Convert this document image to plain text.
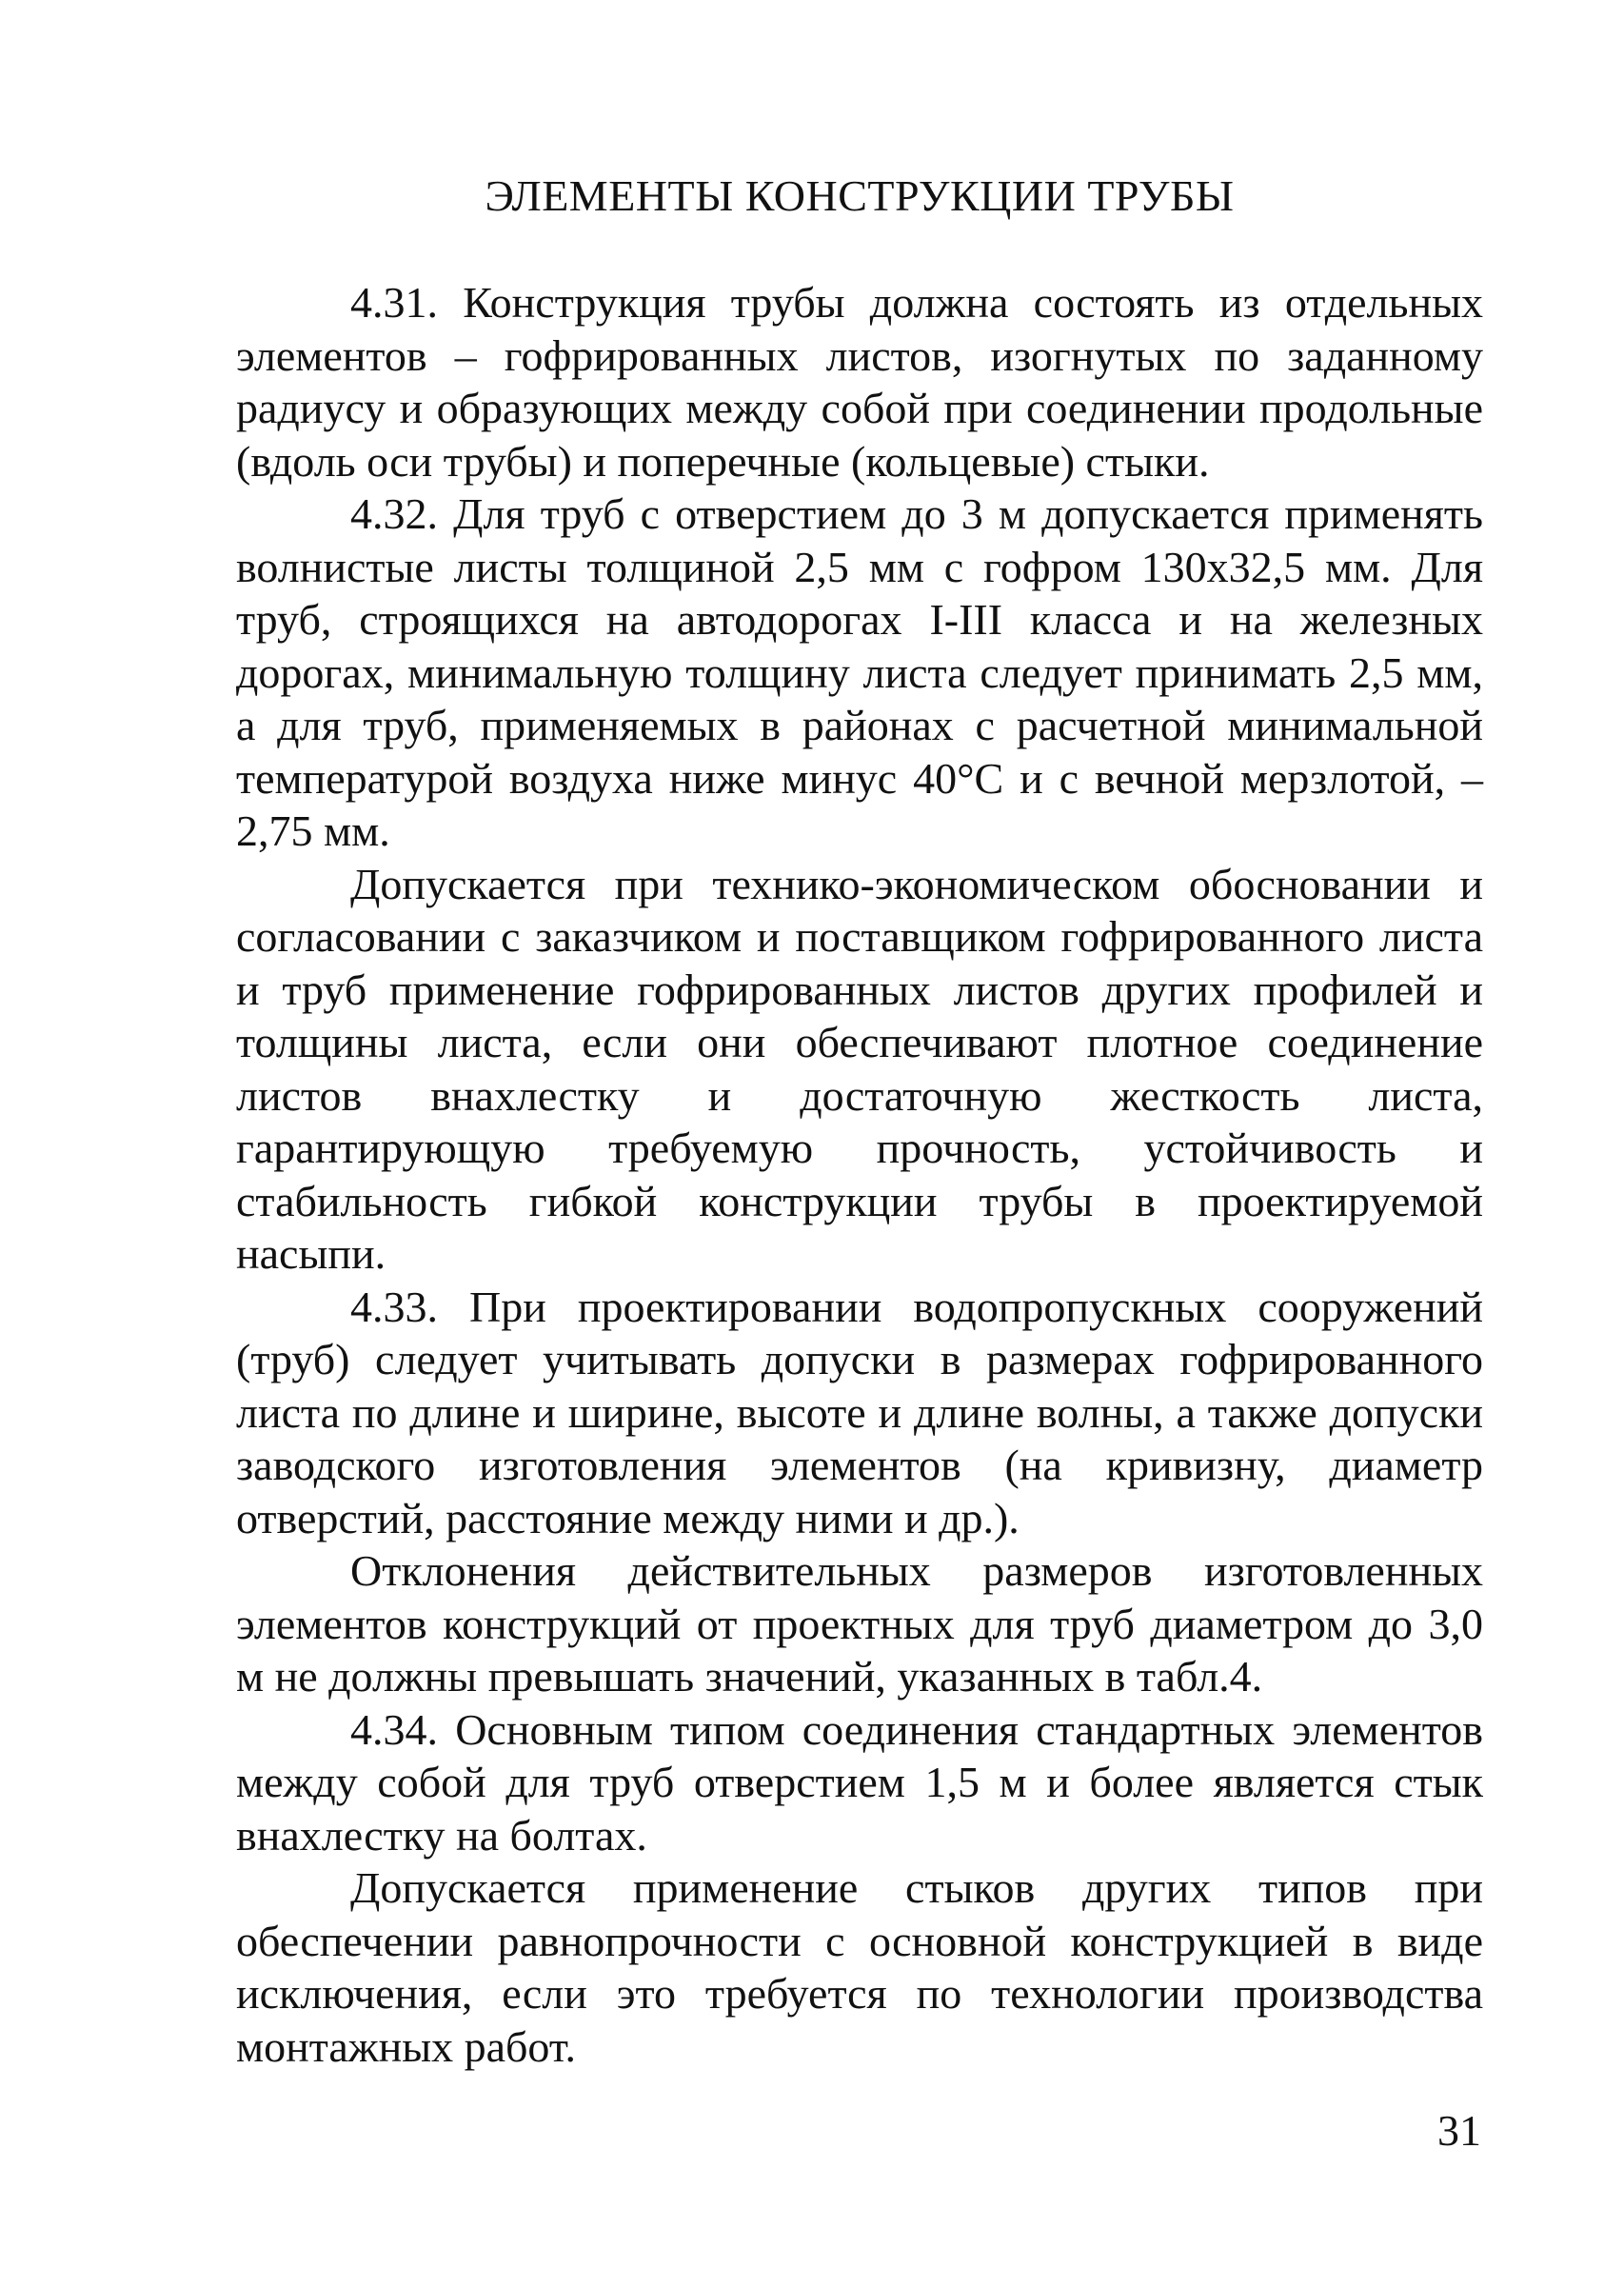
ЭЛЕМЕНТЫ КОНСТРУКЦИИ ТРУБЫ

4.31. Конструкция трубы должна состоять из отдельных элементов – гофрированных листов, изогнутых по заданному радиусу и образующих между собой при соединении продольные (вдоль оси трубы) и поперечные (кольцевые) стыки.

4.32. Для труб с отверстием до 3 м допускается применять волнистые листы толщиной 2,5 мм с гофром 130х32,5 мм. Для труб, строящихся на автодорогах I-III класса и на железных дорогах, минимальную толщину листа следует принимать 2,5 мм, а для труб, применяемых в районах с расчетной минимальной температурой воздуха ниже минус 40°С и с вечной мерзлотой, – 2,75 мм.

Допускается при технико-экономическом обосновании и согласовании с заказчиком и поставщиком гофрированного листа и труб применение гофрированных листов других профилей и толщины листа, если они обеспечивают плотное соединение листов внахлестку и достаточную жесткость листа, гарантирующую требуемую прочность, устойчивость и стабильность гибкой конструкции трубы в проектируемой насыпи.

4.33. При проектировании водопропускных сооружений (труб) следует учитывать допуски в размерах гофрированного листа по длине и ширине, высоте и длине волны, а также допуски заводского изготовления элементов (на кривизну, диаметр отверстий, расстояние между ними и др.).

Отклонения действительных размеров изготовленных элементов конструкций от проектных для труб диаметром до 3,0 м не должны превышать значений, указанных в табл.4.

4.34. Основным типом соединения стандартных элементов между собой для труб отверстием 1,5 м и более является стык внахлестку на болтах.

Допускается применение стыков других типов при обеспечении равнопрочности с основной конструкцией в виде исключения, если это требуется по технологии производства монтажных работ.

31
